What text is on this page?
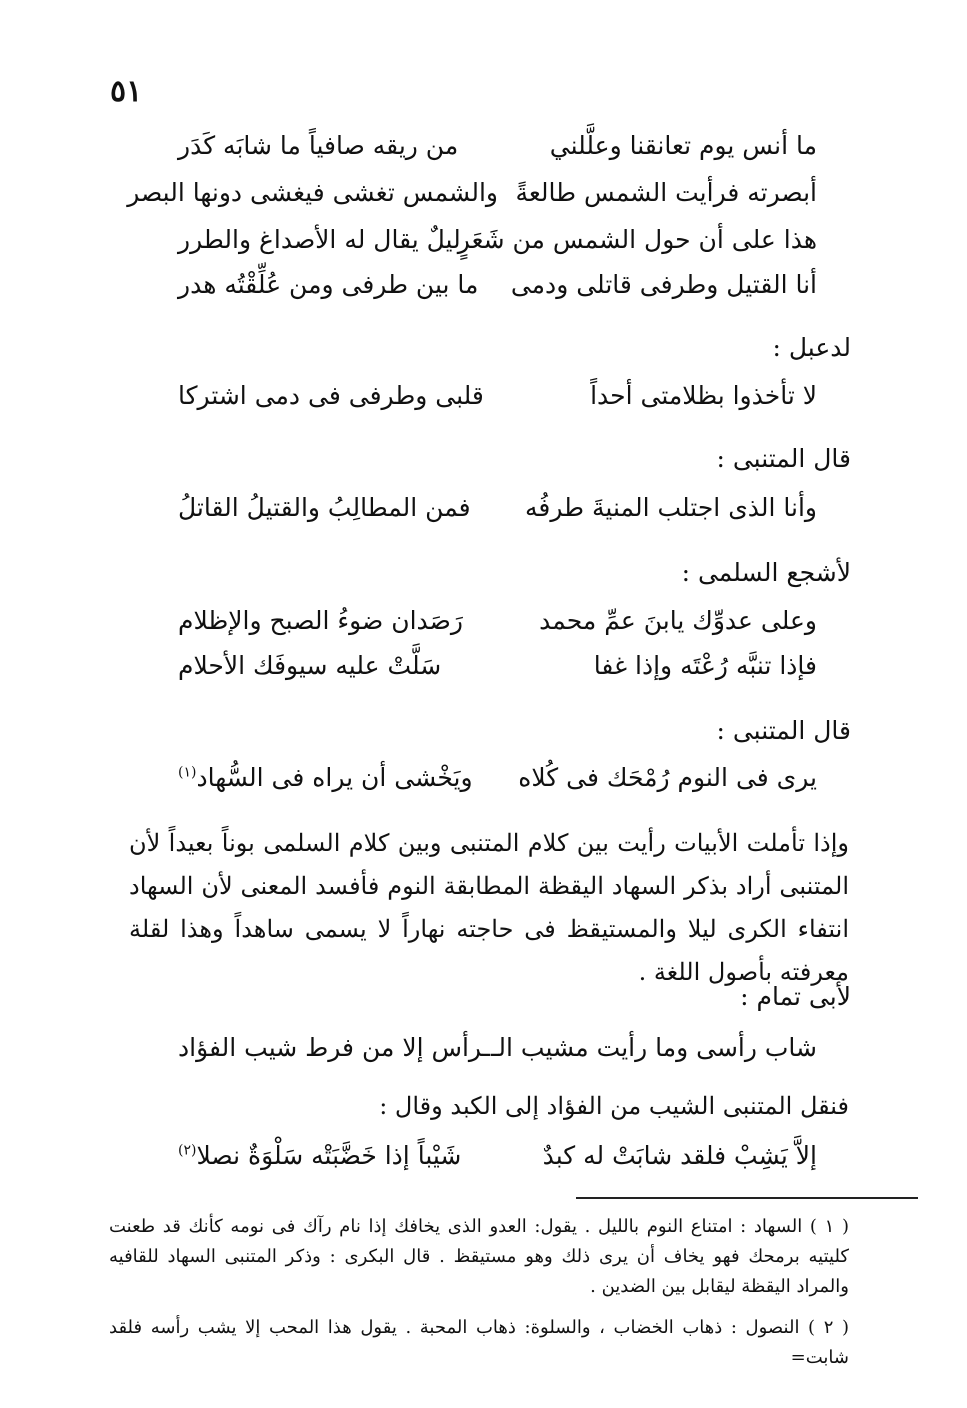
٥١
ما أنس يوم تعانقنا وعلَّلني
من ريقه صافياً ما شابَه كَدَر
أبصرته فرأيت الشمس طالعةً
والشمس تغشى فيغشى دونها البصر
هذا على أن حول الشمس من شَعَرٍ
ليلٌ يقال له الأصداغ والطرر
أنا القتيل وطرفى قاتلى ودمى
ما بين طرفى ومن عُلِّقْتُه هدر
لدعبل :
لا تأخذوا بظلامتى أحداً
قلبى وطرفى فى دمى اشتركا
قال المتنبى :
وأنا الذى اجتلب المنيةَ طرفُه
فمن المطالِبُ والقتيلُ القاتلُ
لأشجع السلمى :
وعلى عدوِّك يابنَ عمِّ محمد
رَصَدان ضوءُ الصبح والإظلام
فإذا تنبَّه رُعْتَه وإذا غفا
سَلَّتْ عليه سيوفَك الأحلام
قال المتنبى :
يرى فى النوم رُمْحَك فى كُلاه
ويَخْشى أن يراه فى السُّهاد$^{(١)}$
وإذا تأملت الأبيات رأيت بين كلام المتنبى وبين كلام السلمى بوناً بعيداً لأن المتنبى أراد بذكر السهاد اليقظة المطابقة النوم فأفسد المعنى لأن السهاد انتفاء الكرى ليلا والمستيقظ فى حاجته نهاراً لا يسمى ساهداً وهذا لقلة معرفته بأصول اللغة .
لأبى تمام :
شاب رأسى وما رأيت مشيب الـ
ـرأس إلا من فرط شيب الفؤاد
فنقل المتنبى الشيب من الفؤاد إلى الكبد وقال :
إلاَّ يَشِبْ فلقد شابَتْ له كبدٌ
شَيْباً إذا خَضَّبَتْه سَلْوَةٌ نصلا$^{(٢)}$
( ١ ) السهاد : امتناع النوم بالليل . يقول: العدو الذى يخافك إذا نام رآك فى نومه كأنك قد طعنت كليتيه برمحك فهو يخاف أن يرى ذلك وهو مستيقظ . قال البكرى : وذكر المتنبى السهاد للقافيه والمراد اليقظة ليقابل بين الضدين .
( ٢ ) النصول : ذهاب الخضاب ، والسلوة: ذهاب المحبة . يقول هذا المحب إلا يشب رأسه فلقد شابت=
